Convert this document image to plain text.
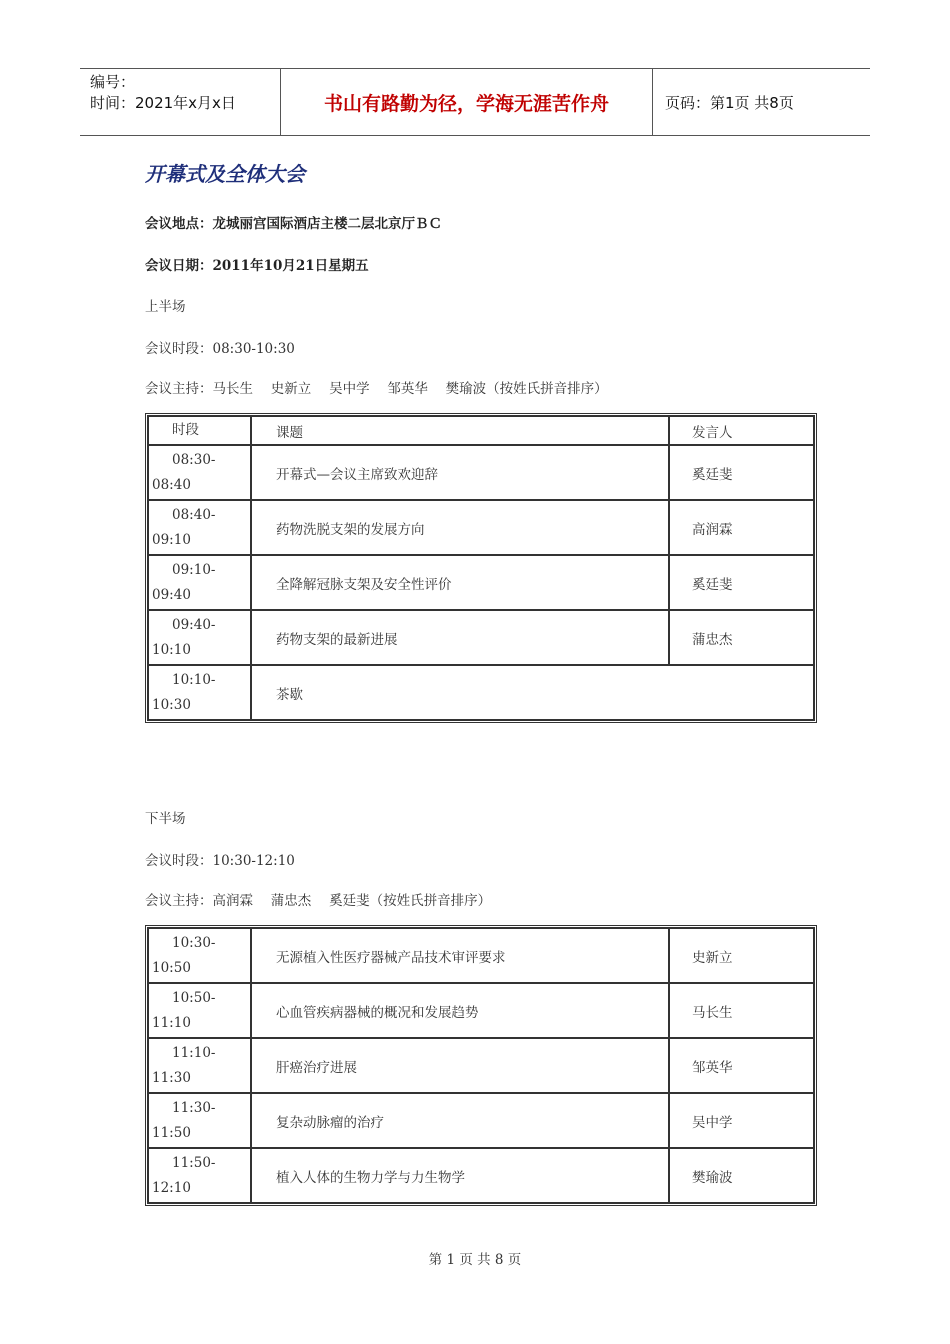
编号：
时间：2021年x月x日	书山有路勤为径，学海无涯苦作舟	页码：第1页 共8页
开幕式及全体大会
会议地点：龙城丽宫国际酒店主楼二层北京厅ＢＣ
会议日期：2011年10月21日星期五
上半场
会议时段：08:30-10:30
会议主持：马长生　 史新立　 吴中学　 邹英华　 樊瑜波（按姓氏拼音排序）
时段	课题	发言人

08:30-
08:40	开幕式—会议主席致欢迎辞	奚廷斐

08:40-
09:10	药物洗脱支架的发展方向	高润霖

09:10-
09:40	全降解冠脉支架及安全性评价	奚廷斐

09:40-
10:10	药物支架的最新进展	蒲忠杰

10:10-
10:30	茶歇	
下半场
会议时段：10:30-12:10
会议主持：高润霖　 蒲忠杰　 奚廷斐（按姓氏拼音排序）
10:30-
10:50	无源植入性医疗器械产品技术审评要求	史新立

10:50-
11:10	心血管疾病器械的概况和发展趋势	马长生

11:10-
11:30	肝癌治疗进展	邹英华

11:30-
11:50	复杂动脉瘤的治疗	吴中学

11:50-
12:10	植入人体的生物力学与力生物学	樊瑜波
第 1 页 共 8 页
